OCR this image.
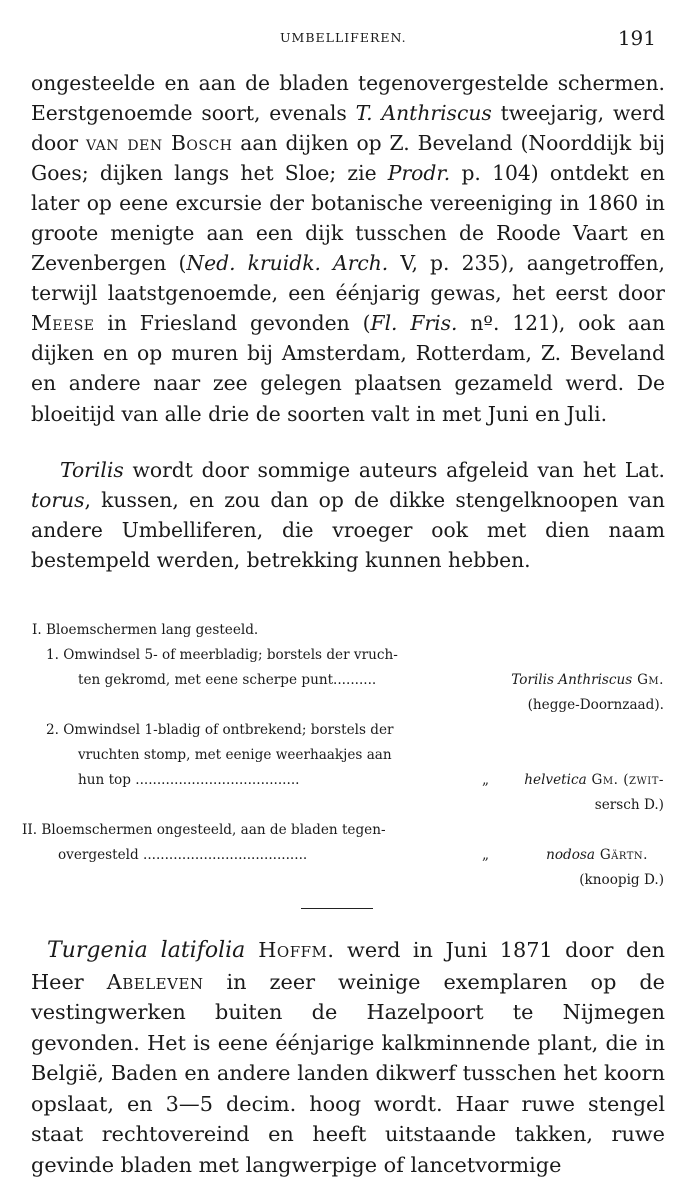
UMBELLIFEREN.	191

ongesteelde en aan de bladen tegenovergestelde schermen. Eerstgenoemde soort, evenals T. Anthriscus tweejarig, werd door van den Bosch aan dijken op Z. Beveland (Noorddijk bij Goes; dijken langs het Sloe; zie Prodr. p. 104) ontdekt en later op eene excursie der botanische vereeniging in 1860 in groote menigte aan een dijk tusschen de Roode Vaart en Zevenbergen (Ned. kruidk. Arch. V, p. 235), aangetroffen, terwijl laatstgenoemde, een éénjarig gewas, het eerst door Meese in Friesland gevonden (Fl. Fris. nº. 121), ook aan dijken en op muren bij Amsterdam, Rotterdam, Z. Beveland en andere naar zee gelegen plaatsen gezameld werd. De bloeitijd van alle drie de soorten valt in met Juni en Juli.

Torilis wordt door sommige auteurs afgeleid van het Lat. torus, kussen, en zou dan op de dikke stengelknoopen van andere Umbelliferen, die vroeger ook met dien naam bestempeld werden, betrekking kunnen hebben.

I. Bloemschermen lang gesteeld.
1. Omwindsel 5- of meerbladig; borstels der vruch-
ten gekromd, met eene scherpe punt..........	Torilis Anthriscus Gm.
(hegge-Doornzaad).
2. Omwindsel 1-bladig of ontbrekend; borstels der
vruchten stomp, met eenige weerhaakjes aan
hun top ......................................	„	helvetica Gm. (zwit-
sersch D.)
II. Bloemschermen ongesteeld, aan de bladen tegen-
overgesteld ......................................	„	nodosa Gärtn.
(knoopig D.)

Turgenia latifolia Hoffm. werd in Juni 1871 door den Heer Abeleven in zeer weinige exemplaren op de vestingwerken buiten de Hazelpoort te Nijmegen gevonden. Het is eene éénjarige kalkminnende plant, die in België, Baden en andere landen dikwerf tusschen het koorn opslaat, en 3—5 decim. hoog wordt. Haar ruwe stengel staat rechtovereind en heeft uitstaande takken, ruwe gevinde bladen met langwerpige of lancetvormige
